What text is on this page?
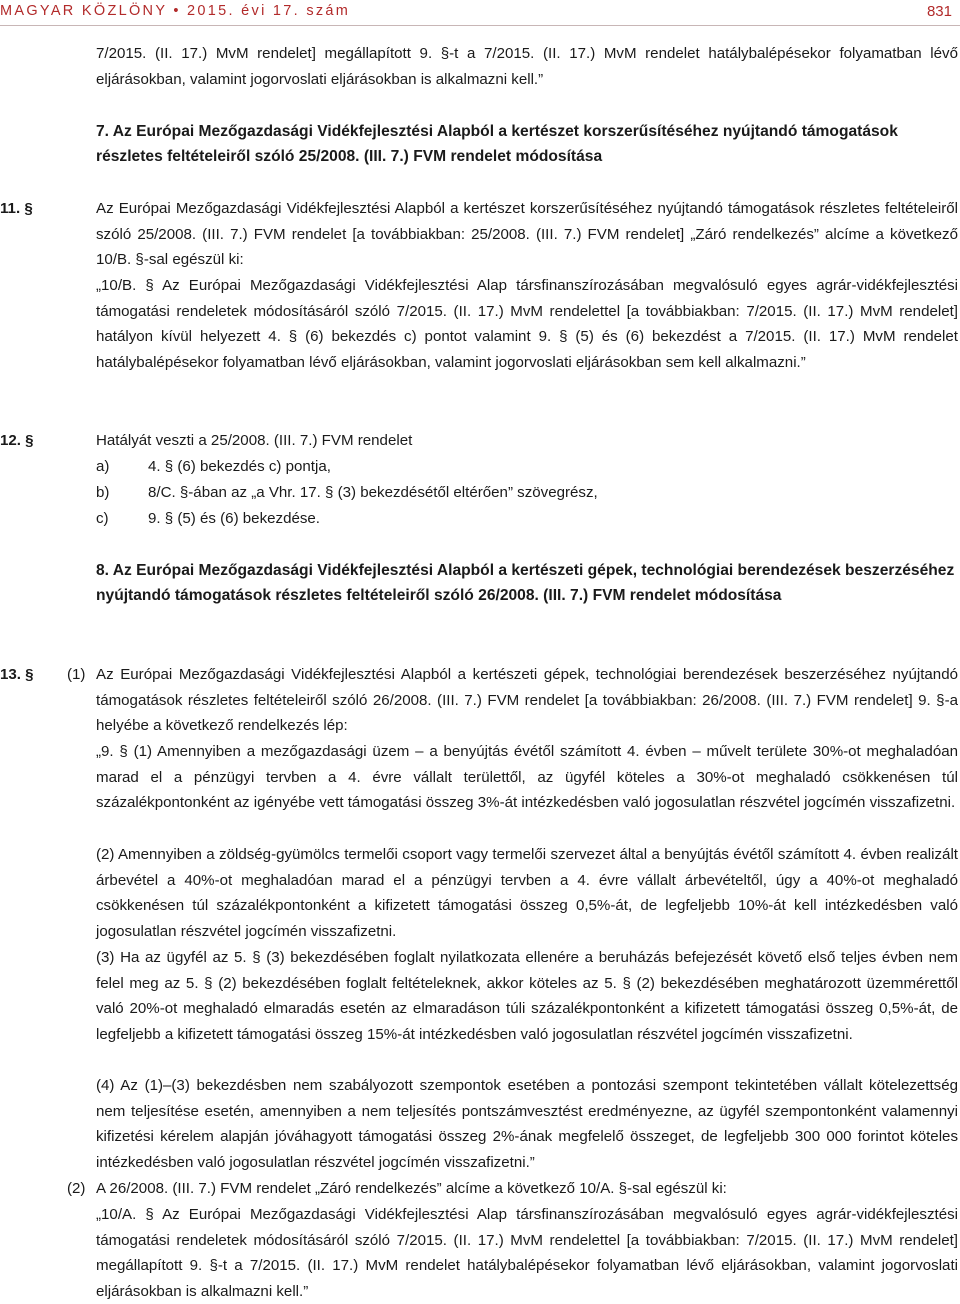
MAGYAR KÖZLÖNY • 2015. évi 17. szám	831

7/2015. (II. 17.) MvM rendelet] megállapított 9. §-t a 7/2015. (II. 17.) MvM rendelet hatálybalépésekor folyamatban lévő eljárásokban, valamint jogorvoslati eljárásokban is alkalmazni kell.”

7. Az Európai Mezőgazdasági Vidékfejlesztési Alapból a kertészet korszerűsítéséhez nyújtandó támogatások részletes feltételeiről szóló 25/2008. (III. 7.) FVM rendelet módosítása

11. §	Az Európai Mezőgazdasági Vidékfejlesztési Alapból a kertészet korszerűsítéséhez nyújtandó támogatások részletes feltételeiről szóló 25/2008. (III. 7.) FVM rendelet [a továbbiakban: 25/2008. (III. 7.) FVM rendelet] „Záró rendelkezés” alcíme a következő 10/B. §-sal egészül ki:

„10/B. § Az Európai Mezőgazdasági Vidékfejlesztési Alap társfinanszírozásában megvalósuló egyes agrár-vidékfejlesztési támogatási rendeletek módosításáról szóló 7/2015. (II. 17.) MvM rendelettel [a továbbiakban: 7/2015. (II. 17.) MvM rendelet] hatályon kívül helyezett 4. § (6) bekezdés c) pontot valamint 9. § (5) és (6) bekezdést a 7/2015. (II. 17.) MvM rendelet hatálybalépésekor folyamatban lévő eljárásokban, valamint jogorvoslati eljárásokban sem kell alkalmazni.”

12. §	Hatályát veszti a 25/2008. (III. 7.) FVM rendelet

a)	4. § (6) bekezdés c) pontja,
b)	8/C. §-ában az „a Vhr. 17. § (3) bekezdésétől eltérően” szövegrész,
c)	9. § (5) és (6) bekezdése.

8. Az Európai Mezőgazdasági Vidékfejlesztési Alapból a kertészeti gépek, technológiai berendezések beszerzéséhez nyújtandó támogatások részletes feltételeiről szóló 26/2008. (III. 7.) FVM rendelet módosítása

13. § (1) Az Európai Mezőgazdasági Vidékfejlesztési Alapból a kertészeti gépek, technológiai berendezések beszerzéséhez nyújtandó támogatások részletes feltételeiről szóló 26/2008. (III. 7.) FVM rendelet [a továbbiakban: 26/2008. (III. 7.) FVM rendelet] 9. §-a helyébe a következő rendelkezés lép:

„9. § (1) Amennyiben a mezőgazdasági üzem – a benyújtás évétől számított 4. évben – művelt területe 30%-ot meghaladóan marad el a pénzügyi tervben a 4. évre vállalt területtől, az ügyfél köteles a 30%-ot meghaladó csökkenésen túl százalékpontonként az igényébe vett támogatási összeg 3%-át intézkedésben való jogosulatlan részvétel jogcímén visszafizetni.

(2) Amennyiben a zöldség-gyümölcs termelői csoport vagy termelői szervezet által a benyújtás évétől számított 4. évben realizált árbevétel a 40%-ot meghaladóan marad el a pénzügyi tervben a 4. évre vállalt árbevételtől, úgy a 40%-ot meghaladó csökkenésen túl százalékpontonként a kifizetett támogatási összeg 0,5%-át, de legfeljebb 10%-át kell intézkedésben való jogosulatlan részvétel jogcímén visszafizetni.

(3) Ha az ügyfél az 5. § (3) bekezdésében foglalt nyilatkozata ellenére a beruházás befejezését követő első teljes évben nem felel meg az 5. § (2) bekezdésében foglalt feltételeknek, akkor köteles az 5. § (2) bekezdésében meghatározott üzemmérettől való 20%-ot meghaladó elmaradás esetén az elmaradáson túli százalékpontonként a kifizetett támogatási összeg 0,5%-át, de legfeljebb a kifizetett támogatási összeg 15%-át intézkedésben való jogosulatlan részvétel jogcímén visszafizetni.

(4) Az (1)–(3) bekezdésben nem szabályozott szempontok esetében a pontozási szempont tekintetében vállalt kötelezettség nem teljesítése esetén, amennyiben a nem teljesítés pontszámvesztést eredményezne, az ügyfél szempontonként valamennyi kifizetési kérelem alapján jóváhagyott támogatási összeg 2%-ának megfelelő összeget, de legfeljebb 300 000 forintot köteles intézkedésben való jogosulatlan részvétel jogcímén visszafizetni.”

(2) A 26/2008. (III. 7.) FVM rendelet „Záró rendelkezés” alcíme a következő 10/A. §-sal egészül ki:

„10/A. § Az Európai Mezőgazdasági Vidékfejlesztési Alap társfinanszírozásában megvalósuló egyes agrár-vidékfejlesztési támogatási rendeletek módosításáról szóló 7/2015. (II. 17.) MvM rendelettel [a továbbiakban: 7/2015. (II. 17.) MvM rendelet] megállapított 9. §-t a 7/2015. (II. 17.) MvM rendelet hatálybalépésekor folyamatban lévő eljárásokban, valamint jogorvoslati eljárásokban is alkalmazni kell.”
